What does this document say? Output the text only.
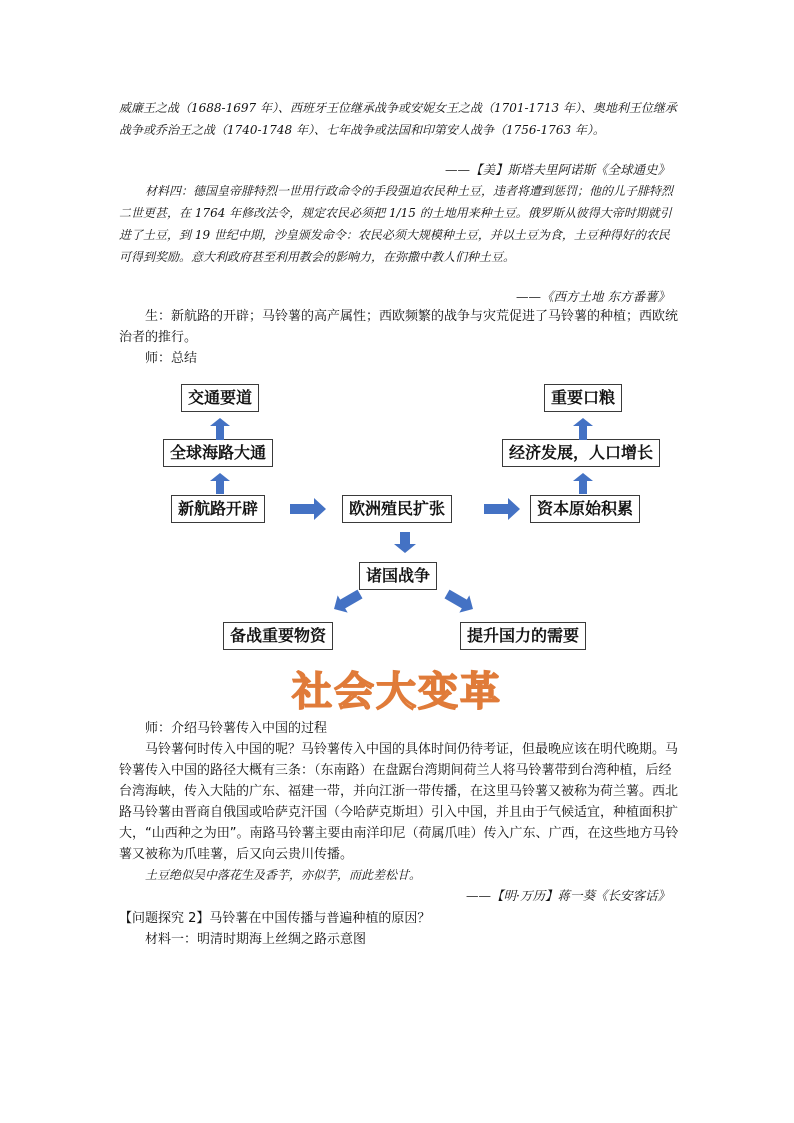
威廉王之战（1688-1697 年）、西班牙王位继承战争或安妮女王之战（1701-1713 年）、奥地利王位继承战争或乔治王之战（1740-1748 年）、七年战争或法国和印第安人战争（1756-1763 年）。

——【美】斯塔夫里阿诺斯《全球通史》

材料四：德国皇帝腓特烈一世用行政命令的手段强迫农民种土豆，违者将遭到惩罚；他的儿子腓特烈二世更甚，在 1764 年修改法令，规定农民必须把 1/15 的土地用来种土豆。俄罗斯从彼得大帝时期就引进了土豆，到 19 世纪中期，沙皇颁发命令：农民必须大规模种土豆，并以土豆为食，土豆种得好的农民可得到奖励。意大利政府甚至利用教会的影响力，在弥撒中教人们种土豆。

——《西方土地 东方番薯》

生：新航路的开辟；马铃薯的高产属性；西欧频繁的战争与灾荒促进了马铃薯的种植；西欧统治者的推行。

师：总结

交通要道
全球海路大通
新航路开辟	欧洲殖民扩张	资本原始积累
经济发展，人口增长
重要口粮
诸国战争
备战重要物资	提升国力的需要
社会大变革

师：介绍马铃薯传入中国的过程

马铃薯何时传入中国的呢？马铃薯传入中国的具体时间仍待考证，但最晚应该在明代晚期。马铃薯传入中国的路径大概有三条：（东南路）在盘踞台湾期间荷兰人将马铃薯带到台湾种植，后经台湾海峡，传入大陆的广东、福建一带，并向江浙一带传播，在这里马铃薯又被称为荷兰薯。西北路马铃薯由晋商自俄国或哈萨克汗国（今哈萨克斯坦）引入中国，并且由于气候适宜，种植面积扩大，“山西种之为田”。南路马铃薯主要由南洋印尼（荷属爪哇）传入广东、广西，在这些地方马铃薯又被称为爪哇薯，后又向云贵川传播。

土豆绝似吴中落花生及香芋，亦似芋，而此差松甘。

——【明·万历】蒋一葵《长安客话》

【问题探究 2】马铃薯在中国传播与普遍种植的原因？

材料一：明清时期海上丝绸之路示意图
